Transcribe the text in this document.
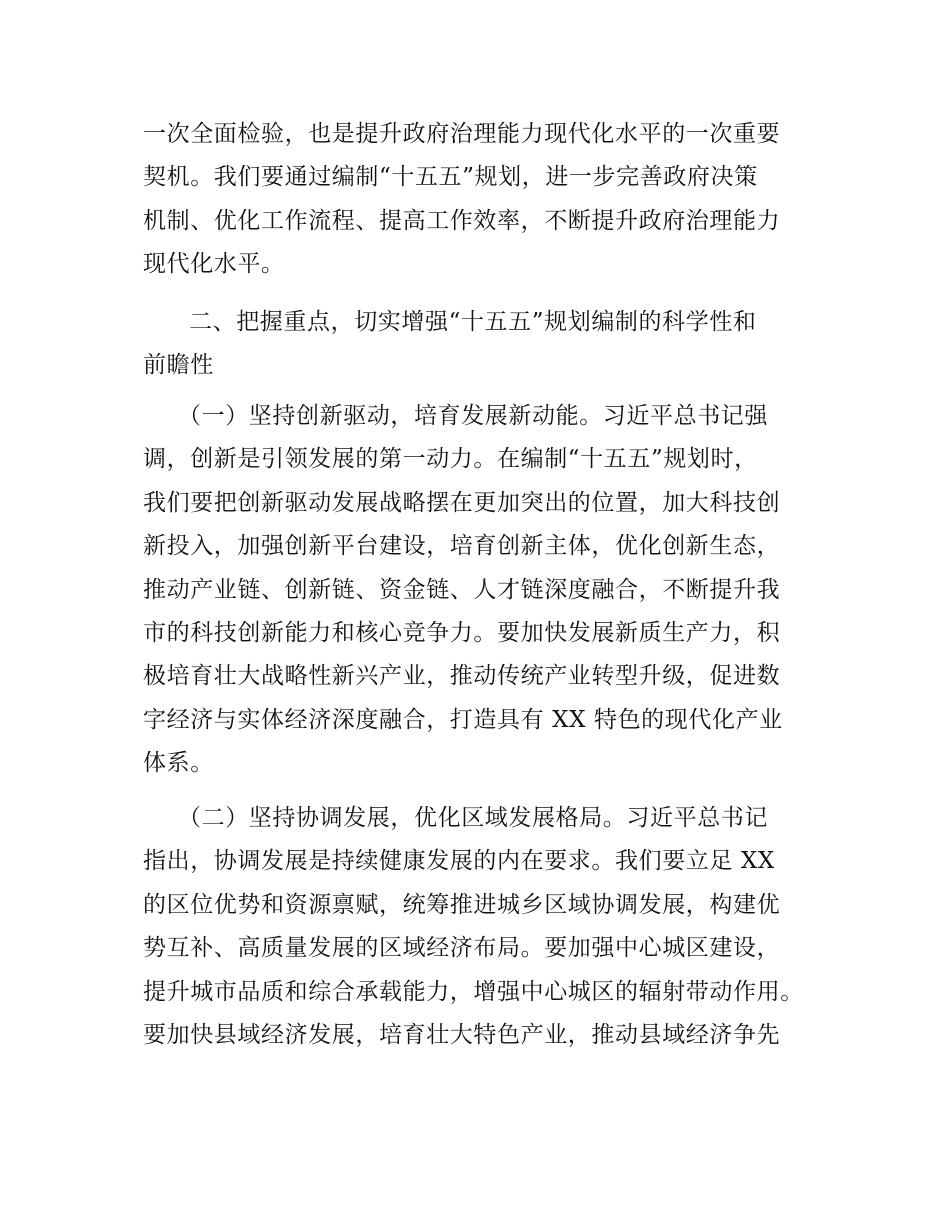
一次全面检验，也是提升政府治理能力现代化水平的一次重要
契机。我们要通过编制“十五五”规划，进一步完善政府决策
机制、优化工作流程、提高工作效率，不断提升政府治理能力
现代化水平。
二、把握重点，切实增强“十五五”规划编制的科学性和
前瞻性
（一）坚持创新驱动，培育发展新动能。习近平总书记强
调，创新是引领发展的第一动力。在编制“十五五”规划时，
我们要把创新驱动发展战略摆在更加突出的位置，加大科技创
新投入，加强创新平台建设，培育创新主体，优化创新生态，
推动产业链、创新链、资金链、人才链深度融合，不断提升我
市的科技创新能力和核心竞争力。要加快发展新质生产力，积
极培育壮大战略性新兴产业，推动传统产业转型升级，促进数
字经济与实体经济深度融合，打造具有 XX 特色的现代化产业
体系。
（二）坚持协调发展，优化区域发展格局。习近平总书记
指出，协调发展是持续健康发展的内在要求。我们要立足 XX
的区位优势和资源禀赋，统筹推进城乡区域协调发展，构建优
势互补、高质量发展的区域经济布局。要加强中心城区建设，
提升城市品质和综合承载能力，增强中心城区的辐射带动作用。
要加快县域经济发展，培育壮大特色产业，推动县域经济争先
